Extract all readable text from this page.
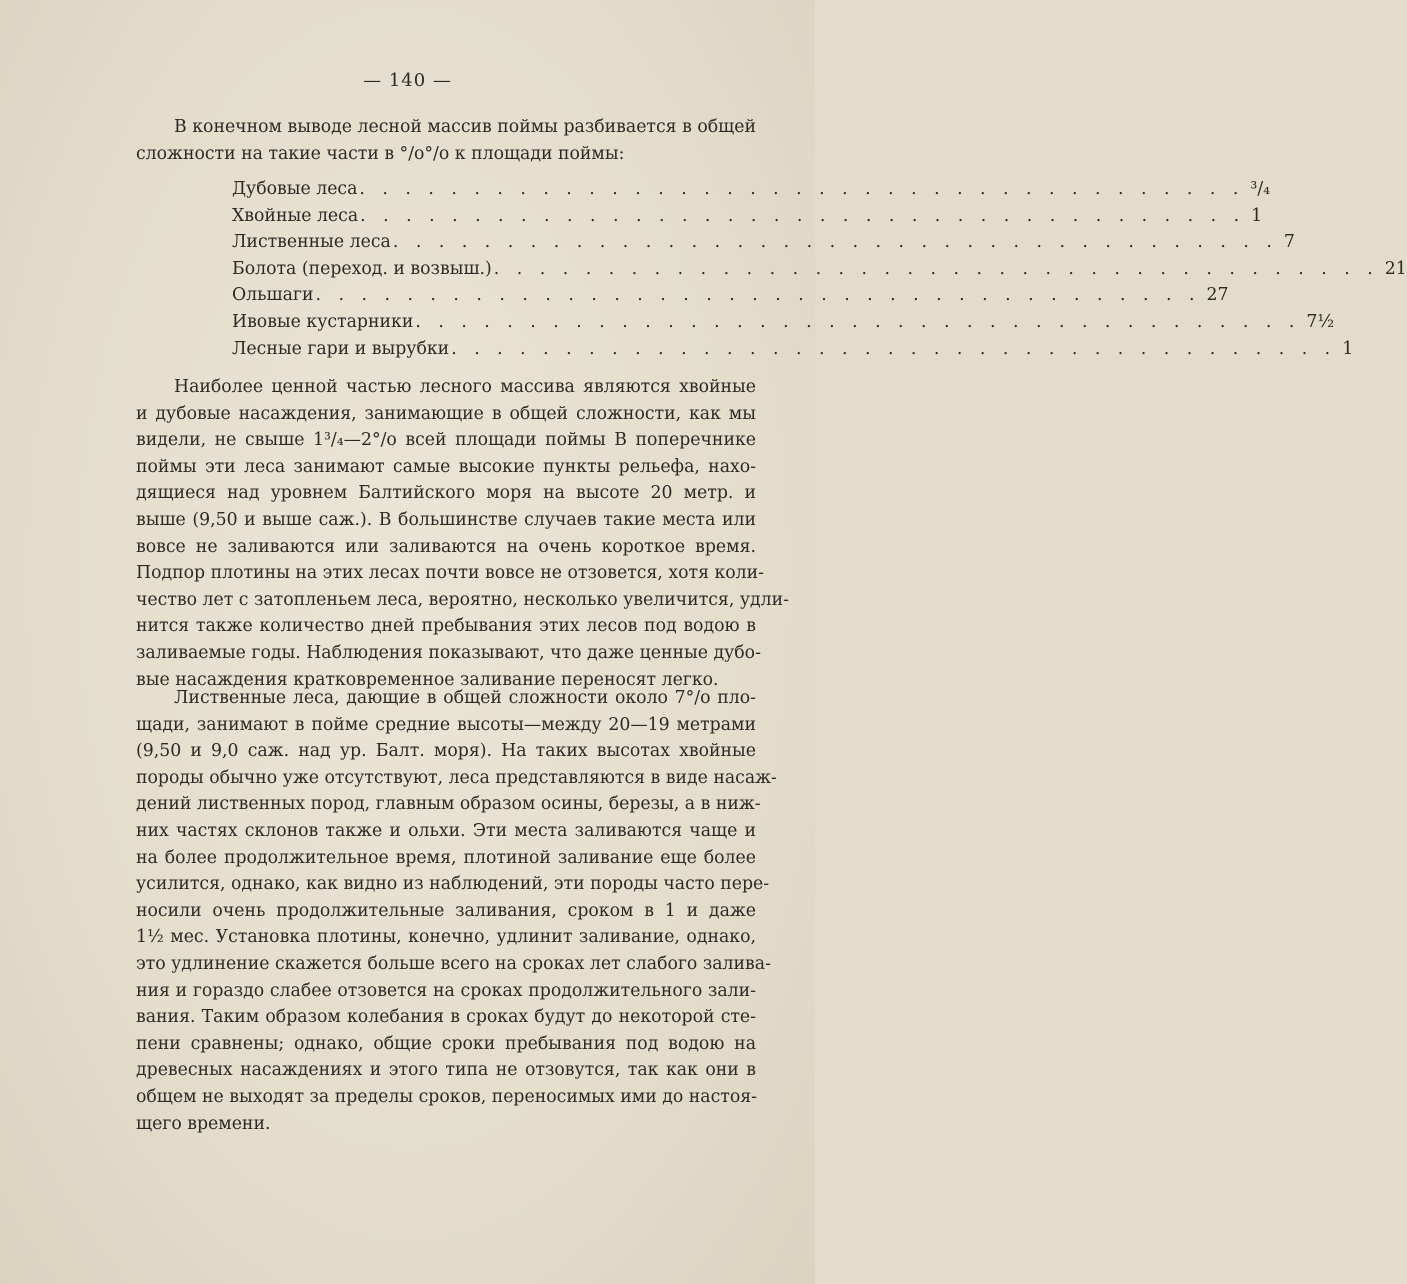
— 140 —
В конечном выводе лесной массив поймы разбивается в общей
сложности на такие части в °/о°/о к площади поймы:
Дубовые леса . . . . . . . . . . . . . . . . . . . . . . . . . . . . . . . . . . . . . . . ³/₄
Хвойные леса . . . . . . . . . . . . . . . . . . . . . . . . . . . . . . . . . . . . . . . 1
Лиственные леса . . . . . . . . . . . . . . . . . . . . . . . . . . . . . . . . . . . . . . . 7
Болота (переход. и возвыш.) . . . . . . . . . . . . . . . . . . . . . . . . . . . . . . . . . . . . . . . 21
Ольшаги . . . . . . . . . . . . . . . . . . . . . . . . . . . . . . . . . . . . . . . 27
Ивовые кустарники . . . . . . . . . . . . . . . . . . . . . . . . . . . . . . . . . . . . . . . 7½
Лесные гари и вырубки . . . . . . . . . . . . . . . . . . . . . . . . . . . . . . . . . . . . . . . 1
Наиболее ценной частью лесного массива являются хвойные
и дубовые насаждения, занимающие в общей сложности, как мы
видели, не свыше 1³/₄—2°/о всей площади поймы В поперечнике
поймы эти леса занимают самые высокие пункты рельефа, нахо-
дящиеся над уровнем Балтийского моря на высоте 20 метр. и
выше (9,50 и выше саж.). В большинстве случаев такие места или
вовсе не заливаются или заливаются на очень короткое время.
Подпор плотины на этих лесах почти вовсе не отзовется, хотя коли-
чество лет с затопленьем леса, вероятно, несколько увеличится, удли-
нится также количество дней пребывания этих лесов под водою в
заливаемые годы. Наблюдения показывают, что даже ценные дубо-
вые насаждения кратковременное заливание переносят легко.
Лиственные леса, дающие в общей сложности около 7°/о пло-
щади, занимают в пойме средние высоты—между 20—19 метрами
(9,50 и 9,0 саж. над ур. Балт. моря). На таких высотах хвойные
породы обычно уже отсутствуют, леса представляются в виде насаж-
дений лиственных пород, главным образом осины, березы, а в ниж-
них частях склонов также и ольхи. Эти места заливаются чаще и
на более продолжительное время, плотиной заливание еще более
усилится, однако, как видно из наблюдений, эти породы часто пере-
носили очень продолжительные заливания, сроком в 1 и даже
1½ мес. Установка плотины, конечно, удлинит заливание, однако,
это удлинение скажется больше всего на сроках лет слабого залива-
ния и гораздо слабее отзовется на сроках продолжительного зали-
вания. Таким образом колебания в сроках будут до некоторой сте-
пени сравнены; однако, общие сроки пребывания под водою на
древесных насаждениях и этого типа не отзовутся, так как они в
общем не выходят за пределы сроков, переносимых ими до настоя-
щего времени.
